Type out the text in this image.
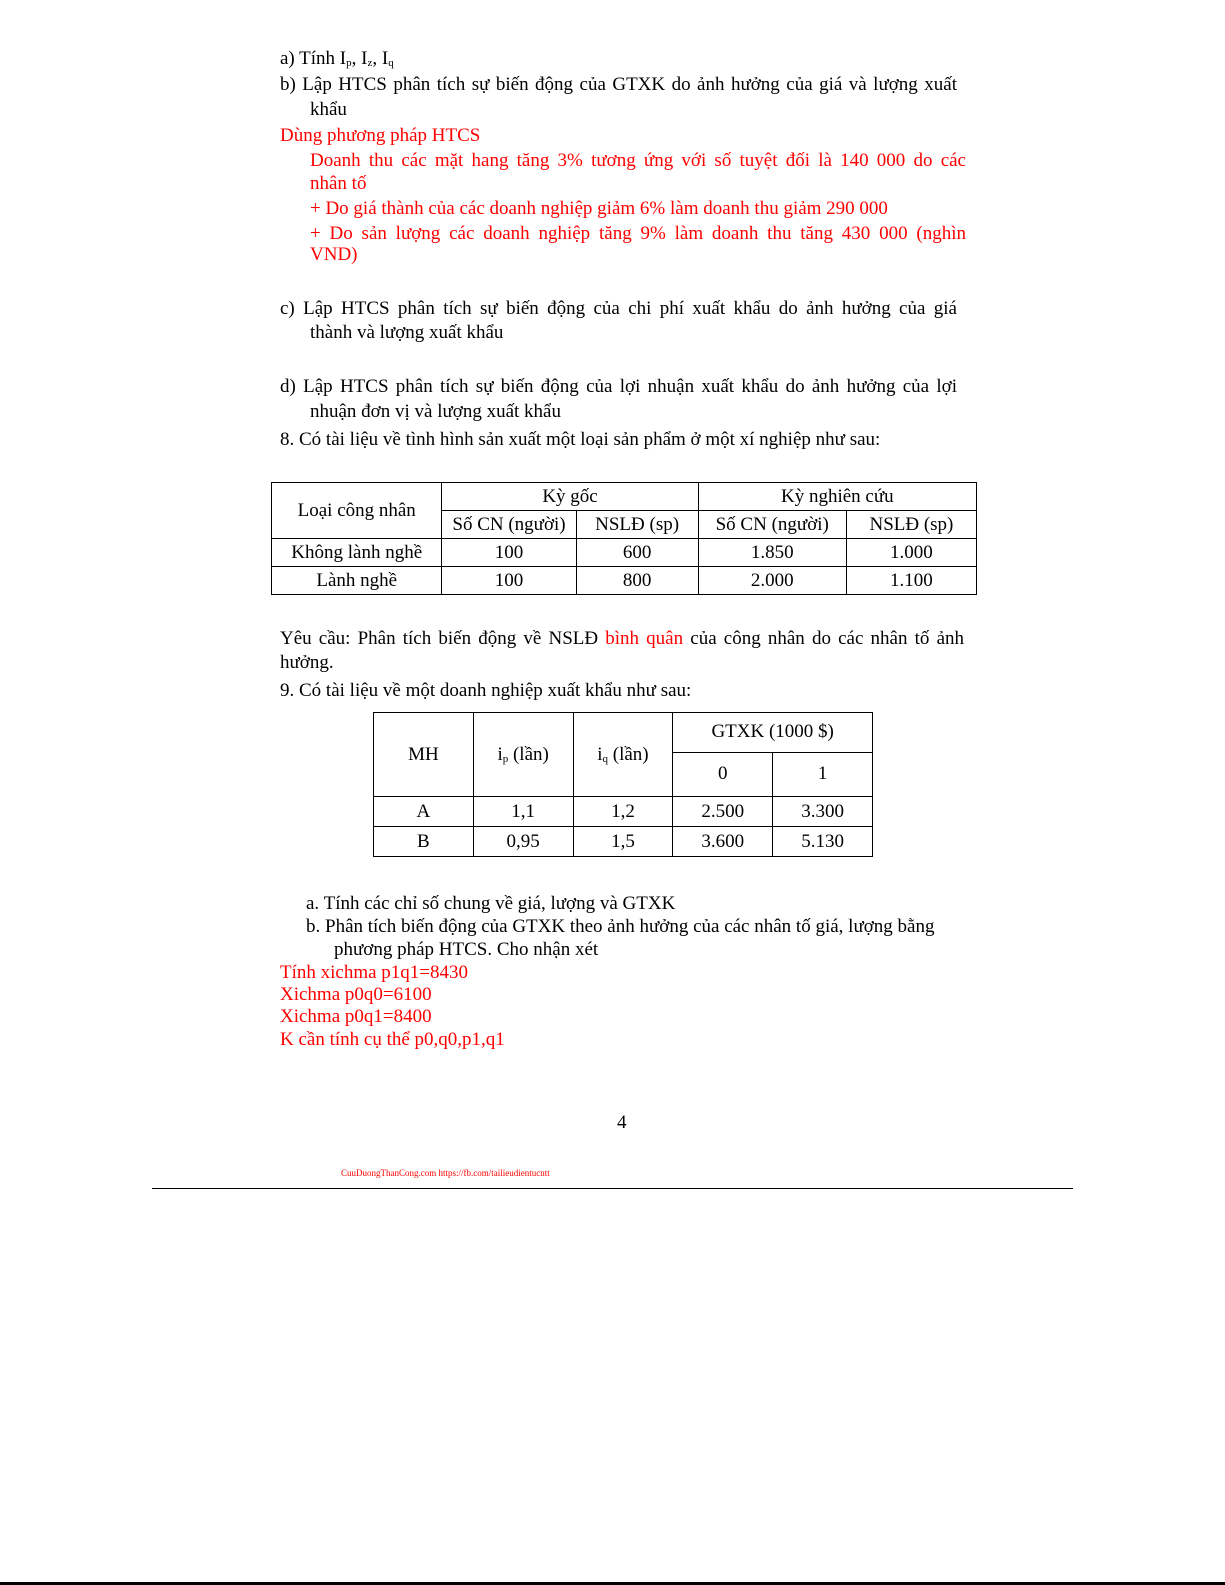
a) Tính $I_p$, $I_z$, $I_q$
b) Lập HTCS phân tích sự biến động của GTXK do ảnh hưởng của giá và lượng xuất
khẩu
Dùng phương pháp HTCS
Doanh thu các mặt hang tăng 3% tương ứng với số tuyệt đối là 140 000 do các
nhân tố
+ Do giá thành của các doanh nghiệp giảm 6% làm doanh thu giảm 290 000
+ Do sản lượng các doanh nghiệp tăng 9% làm doanh thu tăng 430 000 (nghìn
VND)
c) Lập HTCS phân tích sự biến động của chi phí xuất khẩu do ảnh hưởng của giá
thành và lượng xuất khẩu
d) Lập HTCS phân tích sự biến động của lợi nhuận xuất khẩu do ảnh hưởng của lợi
nhuận đơn vị và lượng xuất khẩu
8. Có tài liệu về tình hình sản xuất một loại sản phẩm ở một xí nghiệp như sau:
Loại công nhân	Kỳ gốc		Kỳ nghiên cứu	
	Số CN (người)	NSLĐ (sp)	Số CN (người)	NSLĐ (sp)
Không lành nghề	100	600	1.850	1.000
Lành nghề	100	800	2.000	1.100
Yêu cầu: Phân tích biến động về NSLĐ bình quân của công nhân do các nhân tố ảnh
hưởng.
9. Có tài liệu về một doanh nghiệp xuất khẩu như sau:
MH	$i_p$ (lần)	$i_q$ (lần)	GTXK (1000 $)	
			0	1
A	1,1	1,2	2.500	3.300
B	0,95	1,5	3.600	5.130
a. Tính các chỉ số chung về giá, lượng và GTXK
b. Phân tích biến động của GTXK theo ảnh hưởng của các nhân tố giá, lượng bằng
phương pháp HTCS. Cho nhận xét
Tính xichma p1q1=8430
Xichma p0q0=6100
Xichma p0q1=8400
K cần tính cụ thể p0,q0,p1,q1
4
CuuDuongThanCong.com https://fb.com/tailieudientucntt
